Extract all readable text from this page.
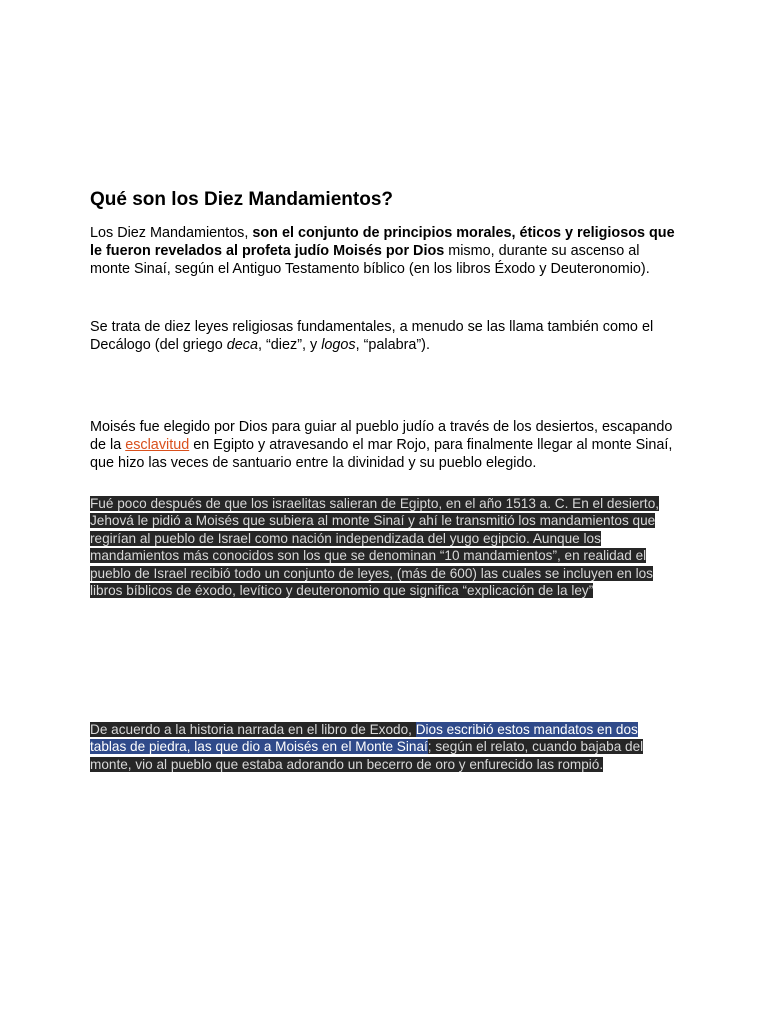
Qué son los Diez Mandamientos?

Los Diez Mandamientos, son el conjunto de principios morales, éticos y religiosos que le fueron revelados al profeta judío Moisés por Dios mismo, durante su ascenso al monte Sinaí, según el Antiguo Testamento bíblico (en los libros Éxodo y Deuteronomio).

Se trata de diez leyes religiosas fundamentales, a menudo se las llama también como el Decálogo (del griego deca, “diez”, y logos, “palabra”).

Moisés fue elegido por Dios para guiar al pueblo judío a través de los desiertos, escapando de la esclavitud en Egipto y atravesando el mar Rojo, para finalmente llegar al monte Sinaí, que hizo las veces de santuario entre la divinidad y su pueblo elegido.

Fué poco después de que los israelitas salieran de Egipto, en el año 1513 a. C. En el desierto, Jehová le pidió a Moisés que subiera al monte Sinaí y ahí le transmitió los mandamientos que regirían al pueblo de Israel como nación independizada del yugo egipcio. Aunque los mandamientos más conocidos son los que se denominan “10 mandamientos”, en realidad el pueblo de Israel recibió todo un conjunto de leyes, (más de 600) las cuales se incluyen en los libros bíblicos de éxodo, levítico y deuteronomio que significa “explicación de la ley”

De acuerdo a la historia narrada en el libro de Exodo, Dios escribió estos mandatos en dos tablas de piedra, las que dio a Moisés en el Monte Sinaí; según el relato, cuando bajaba del monte, vio al pueblo que estaba adorando un becerro de oro y enfurecido las rompió.
